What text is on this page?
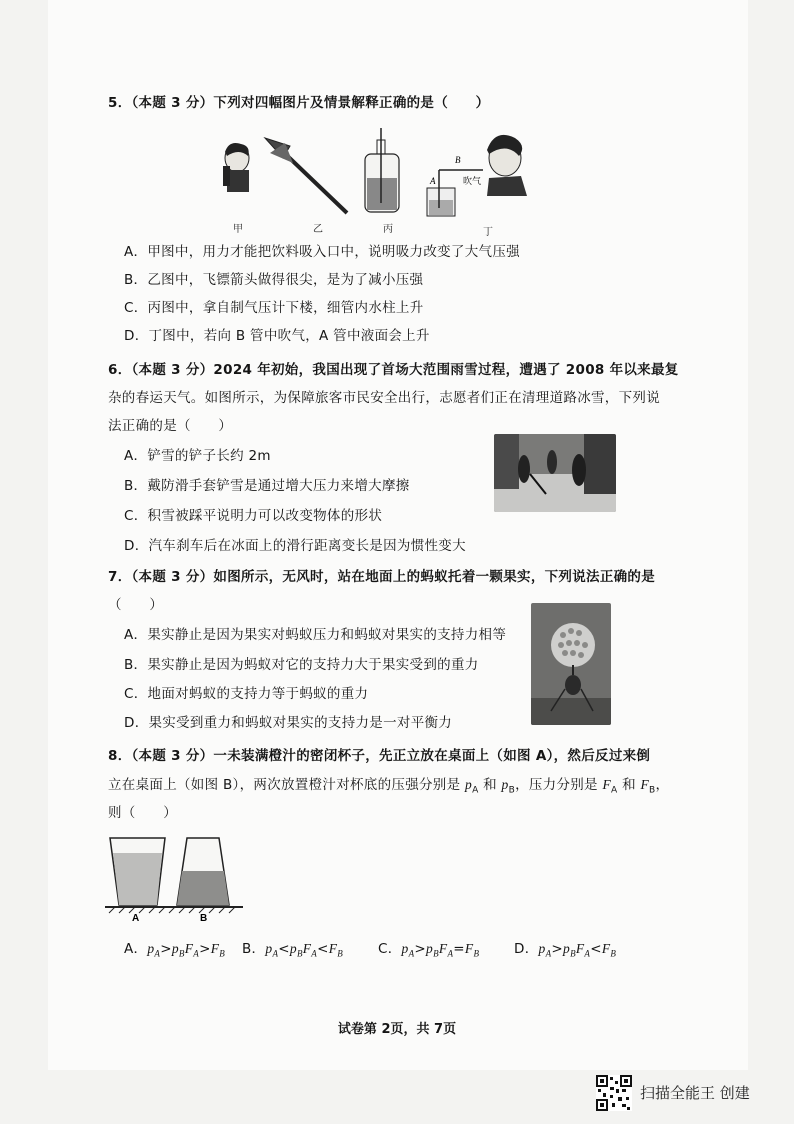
5．（本题 3 分）下列对四幅图片及情景解释正确的是（　　）
B
A	吹气
甲	乙	丙	丁
A．甲图中，用力才能把饮料吸入口中，说明吸力改变了大气压强
B．乙图中，飞镖箭头做得很尖，是为了减小压强
C．丙图中，拿自制气压计下楼，细管内水柱上升
D．丁图中，若向 B 管中吹气，A 管中液面会上升
6．（本题 3 分）2024 年初始，我国出现了首场大范围雨雪过程，遭遇了 2008 年以来最复
杂的春运天气。如图所示，为保障旅客市民安全出行，志愿者们正在清理道路冰雪，下列说
法正确的是（　　）
A．铲雪的铲子长约 2m
B．戴防滑手套铲雪是通过增大压力来增大摩擦
C．积雪被踩平说明力可以改变物体的形状
D．汽车刹车后在冰面上的滑行距离变长是因为惯性变大
7．（本题 3 分）如图所示，无风时，站在地面上的蚂蚁托着一颗果实，下列说法正确的是
（　　）
A．果实静止是因为果实对蚂蚁压力和蚂蚁对果实的支持力相等
B．果实静止是因为蚂蚁对它的支持力大于果实受到的重力
C．地面对蚂蚁的支持力等于蚂蚁的重力
D．果实受到重力和蚂蚁对果实的支持力是一对平衡力
8．（本题 3 分）一未装满橙汁的密闭杯子，先正立放在桌面上（如图 A），然后反过来倒
立在桌面上（如图 B），两次放置橙汁对杯底的压强分别是 $p_A$ 和 $p_B$，压力分别是 $F_A$ 和 $F_B$，
则（　　）
A	B
A．$p_A>p_BF_A>F_B$ B．$p_A<p_BF_A<F_B$	C．$p_A>p_BF_A=F_B$	D．$p_A>p_BF_A<F_B$
试卷第 2页，共 7页
扫描全能王 创建
